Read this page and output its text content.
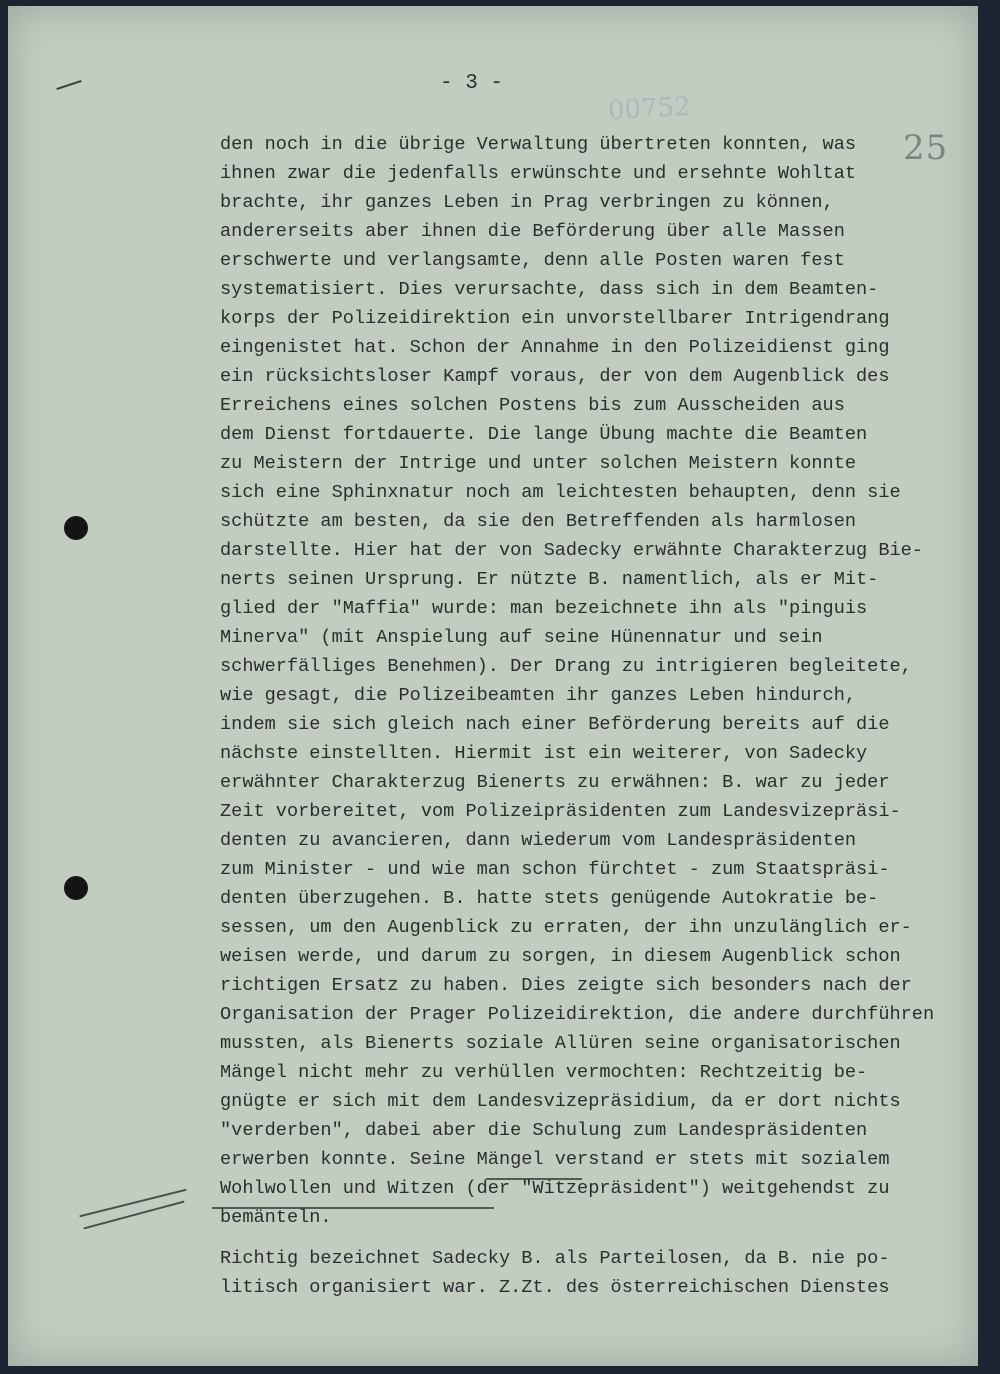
- 3 -
00752
25
den noch in die übrige Verwaltung übertreten konnten, was
ihnen zwar die jedenfalls erwünschte und ersehnte Wohltat
brachte, ihr ganzes Leben in Prag verbringen zu können,
andererseits aber ihnen die Beförderung über alle Massen
erschwerte und verlangsamte, denn alle Posten waren fest
systematisiert. Dies verursachte, dass sich in dem Beamten-
korps der Polizeidirektion ein unvorstellbarer Intrigendrang
eingenistet hat. Schon der Annahme in den Polizeidienst ging
ein rücksichtsloser Kampf voraus, der von dem Augenblick des
Erreichens eines solchen Postens bis zum Ausscheiden aus
dem Dienst fortdauerte. Die lange Übung machte die Beamten
zu Meistern der Intrige und unter solchen Meistern konnte
sich eine Sphinxnatur noch am leichtesten behaupten, denn sie
schützte am besten, da sie den Betreffenden als harmlosen
darstellte. Hier hat der von Sadecky erwähnte Charakterzug Bie-
nerts seinen Ursprung. Er nützte B. namentlich, als er Mit-
glied der "Maffia" wurde: man bezeichnete ihn als "pinguis
Minerva" (mit Anspielung auf seine Hünennatur und sein
schwerfälliges Benehmen). Der Drang zu intrigieren begleitete,
wie gesagt, die Polizeibeamten ihr ganzes Leben hindurch,
indem sie sich gleich nach einer Beförderung bereits auf die
nächste einstellten. Hiermit ist ein weiterer, von Sadecky
erwähnter Charakterzug Bienerts zu erwähnen: B. war zu jeder
Zeit vorbereitet, vom Polizeipräsidenten zum Landesvizepräsi-
denten zu avancieren, dann wiederum vom Landespräsidenten
zum Minister - und wie man schon fürchtet - zum Staatspräsi-
denten überzugehen. B. hatte stets genügende Autokratie be-
sessen, um den Augenblick zu erraten, der ihn unzulänglich er-
weisen werde, und darum zu sorgen, in diesem Augenblick schon
richtigen Ersatz zu haben. Dies zeigte sich besonders nach der
Organisation der Prager Polizeidirektion, die andere durchführen
mussten, als Bienerts soziale Allüren seine organisatorischen
Mängel nicht mehr zu verhüllen vermochten: Rechtzeitig be-
gnügte er sich mit dem Landesvizepräsidium, da er dort nichts
"verderben", dabei aber die Schulung zum Landespräsidenten
erwerben konnte. Seine Mängel verstand er stets mit sozialem
Wohlwollen und Witzen (der "Witzepräsident") weitgehendst zu
bemänteln.
Richtig bezeichnet Sadecky B. als Parteilosen, da B. nie po-
litisch organisiert war. Z.Zt. des österreichischen Dienstes
